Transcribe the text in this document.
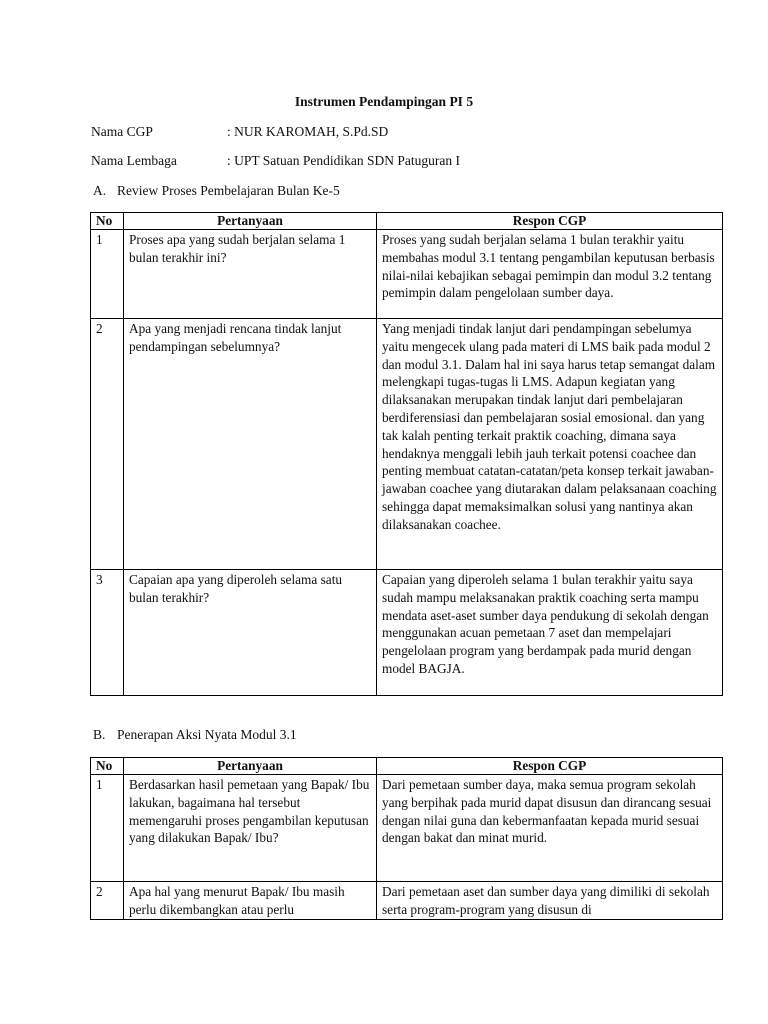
Instrumen Pendampingan PI 5
Nama CGP	: NUR KAROMAH, S.Pd.SD
Nama Lembaga	: UPT Satuan Pendidikan SDN Patuguran I
A. Review Proses Pembelajaran Bulan Ke-5
No	Pertanyaan	Respon CGP
1	Proses apa yang sudah berjalan selama 1 bulan terakhir ini?	Proses yang sudah berjalan selama 1 bulan terakhir yaitu membahas modul 3.1 tentang pengambilan keputusan berbasis nilai-nilai kebajikan sebagai pemimpin dan modul 3.2 tentang pemimpin dalam pengelolaan sumber daya.
2	Apa yang menjadi rencana tindak lanjut pendampingan sebelumnya?	Yang menjadi tindak lanjut dari pendampingan sebelumya yaitu mengecek ulang pada materi di LMS baik pada modul 2 dan modul 3.1. Dalam hal ini saya harus tetap semangat dalam melengkapi tugas-tugas li LMS. Adapun kegiatan yang dilaksanakan merupakan tindak lanjut dari pembelajaran berdiferensiasi dan pembelajaran sosial emosional. dan yang tak kalah penting terkait praktik coaching, dimana saya hendaknya menggali lebih jauh terkait potensi coachee dan penting membuat catatan-catatan/peta konsep terkait jawaban-jawaban coachee yang diutarakan dalam pelaksanaan coaching sehingga dapat memaksimalkan solusi yang nantinya akan dilaksanakan coachee.
3	Capaian apa yang diperoleh selama satu bulan terakhir?	Capaian yang diperoleh selama 1 bulan terakhir yaitu saya sudah mampu melaksanakan praktik coaching serta mampu mendata aset-aset sumber daya pendukung di sekolah dengan menggunakan acuan pemetaan 7 aset dan mempelajari pengelolaan program yang berdampak pada murid dengan model BAGJA.
B. Penerapan Aksi Nyata Modul 3.1
No	Pertanyaan	Respon CGP
1	Berdasarkan hasil pemetaan yang Bapak/ Ibu lakukan, bagaimana hal tersebut memengaruhi proses pengambilan keputusan yang dilakukan Bapak/ Ibu?	Dari pemetaan sumber daya, maka semua program sekolah yang berpihak pada murid dapat disusun dan dirancang sesuai dengan nilai guna dan kebermanfaatan kepada murid sesuai dengan bakat dan minat murid.
2	Apa hal yang menurut Bapak/ Ibu masih perlu dikembangkan atau perlu	Dari pemetaan aset dan sumber daya yang dimiliki di sekolah serta program-program yang disusun di
